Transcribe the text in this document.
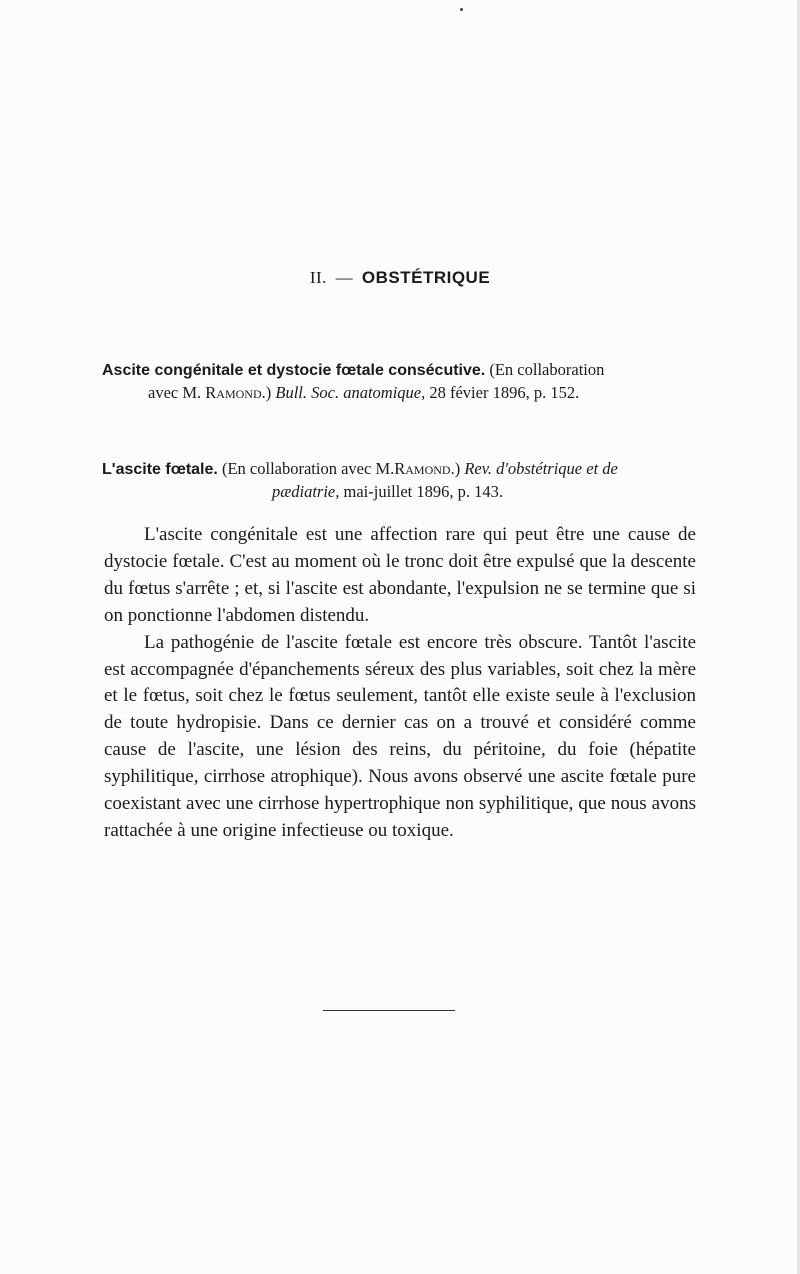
II. — OBSTÉTRIQUE
Ascite congénitale et dystocie fœtale consécutive. (En collaboration
avec M. Ramond.) Bull. Soc. anatomique, 28 févier 1896, p. 152.
L'ascite fœtale. (En collaboration avec M.Ramond.) Rev. d'obstétrique et de
pædiatrie, mai-juillet 1896, p. 143.

L'ascite congénitale est une affection rare qui peut être une cause de dystocie fœtale. C'est au moment où le tronc doit être expulsé que la descente du fœtus s'arrête ; et, si l'ascite est abondante, l'expulsion ne se termine que si on ponctionne l'abdomen distendu.

La pathogénie de l'ascite fœtale est encore très obscure. Tantôt l'ascite est accompagnée d'épanchements séreux des plus variables, soit chez la mère et le fœtus, soit chez le fœtus seulement, tantôt elle existe seule à l'exclusion de toute hydropisie. Dans ce dernier cas on a trouvé et considéré comme cause de l'ascite, une lésion des reins, du péritoine, du foie (hépatite syphilitique, cirrhose atrophique). Nous avons observé une ascite fœtale pure coexistant avec une cirrhose hypertrophique non syphilitique, que nous avons rattachée à une origine infectieuse ou toxique.
